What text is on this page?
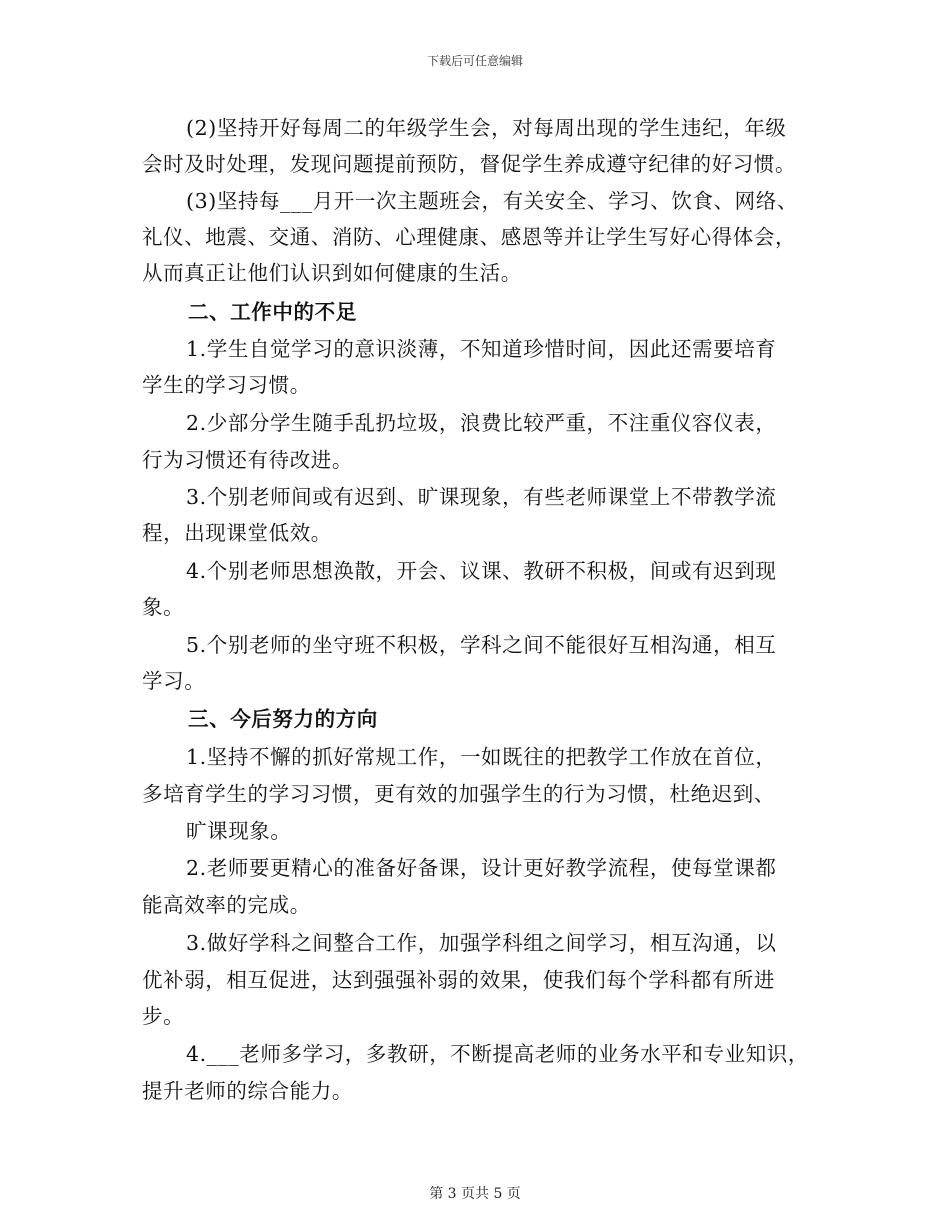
下载后可任意编辑
(2)坚持开好每周二的年级学生会，对每周出现的学生违纪，年级
会时及时处理，发现问题提前预防，督促学生养成遵守纪律的好习惯。
(3)坚持每___月开一次主题班会，有关安全、学习、饮食、网络、
礼仪、地震、交通、消防、心理健康、感恩等并让学生写好心得体会，
从而真正让他们认识到如何健康的生活。
二、工作中的不足
1.学生自觉学习的意识淡薄，不知道珍惜时间，因此还需要培育
学生的学习习惯。
2.少部分学生随手乱扔垃圾，浪费比较严重，不注重仪容仪表，
行为习惯还有待改进。
3.个别老师间或有迟到、旷课现象，有些老师课堂上不带教学流
程，出现课堂低效。
4.个别老师思想涣散，开会、议课、教研不积极，间或有迟到现
象。
5.个别老师的坐守班不积极，学科之间不能很好互相沟通，相互
学习。
三、今后努力的方向
1.坚持不懈的抓好常规工作，一如既往的把教学工作放在首位，
多培育学生的学习习惯，更有效的加强学生的行为习惯，杜绝迟到、
旷课现象。
2.老师要更精心的准备好备课，设计更好教学流程，使每堂课都
能高效率的完成。
3.做好学科之间整合工作，加强学科组之间学习，相互沟通，以
优补弱，相互促进，达到强强补弱的效果，使我们每个学科都有所进
步。
4.___老师多学习，多教研，不断提高老师的业务水平和专业知识，
提升老师的综合能力。
第 3 页共 5 页
